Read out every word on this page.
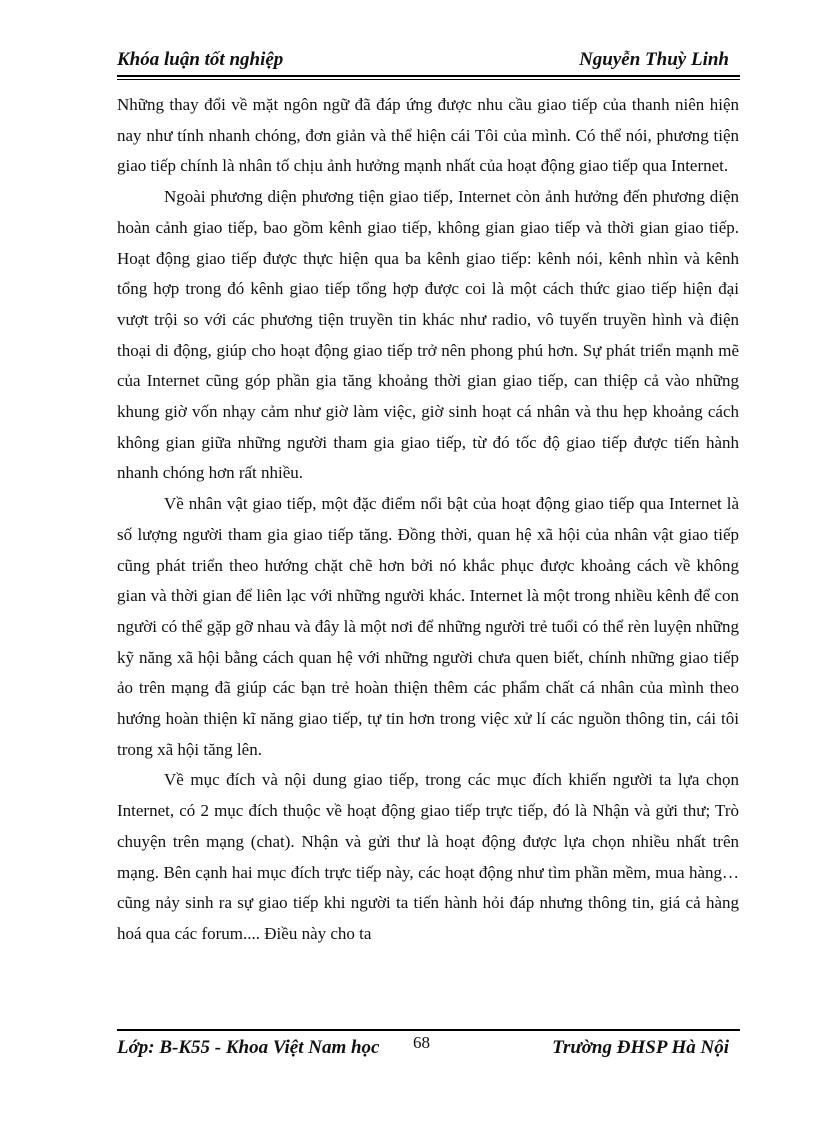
Khóa luận tốt nghiệp	Nguyễn Thuỳ Linh

Những thay đổi về mặt ngôn ngữ đã đáp ứng được nhu cầu giao tiếp của thanh niên hiện nay như tính nhanh chóng, đơn giản và thể hiện cái Tôi của mình. Có thể nói, phương tiện giao tiếp chính là nhân tố chịu ảnh hưởng mạnh nhất của hoạt động giao tiếp qua Internet.

Ngoài phương diện phương tiện giao tiếp, Internet còn ảnh hưởng đến phương diện hoàn cảnh giao tiếp, bao gồm kênh giao tiếp, không gian giao tiếp và thời gian giao tiếp. Hoạt động giao tiếp được thực hiện qua ba kênh giao tiếp: kênh nói, kênh nhìn và kênh tổng hợp trong đó kênh giao tiếp tổng hợp được coi là một cách thức giao tiếp hiện đại vượt trội so với các phương tiện truyền tin khác như radio, vô tuyến truyền hình và điện thoại di động, giúp cho hoạt động giao tiếp trở nên phong phú hơn. Sự phát triển mạnh mẽ của Internet cũng góp phần gia tăng khoảng thời gian giao tiếp, can thiệp cả vào những khung giờ vốn nhạy cảm như giờ làm việc, giờ sinh hoạt cá nhân và thu hẹp khoảng cách không gian giữa những người tham gia giao tiếp, từ đó tốc độ giao tiếp được tiến hành nhanh chóng hơn rất nhiều.

Về nhân vật giao tiếp, một đặc điểm nổi bật của hoạt động giao tiếp qua Internet là số lượng người tham gia giao tiếp tăng. Đồng thời, quan hệ xã hội của nhân vật giao tiếp cũng phát triển theo hướng chặt chẽ hơn bởi nó khắc phục được khoảng cách về không gian và thời gian để liên lạc với những người khác. Internet là một trong nhiều kênh để con người có thể gặp gỡ nhau và đây là một nơi để những người trẻ tuổi có thể rèn luyện những kỹ năng xã hội bằng cách quan hệ với những người chưa quen biết, chính những giao tiếp ảo trên mạng đã giúp các bạn trẻ hoàn thiện thêm các phẩm chất cá nhân của mình theo hướng hoàn thiện kĩ năng giao tiếp, tự tin hơn trong việc xử lí các nguồn thông tin, cái tôi trong xã hội tăng lên.

Về mục đích và nội dung giao tiếp, trong các mục đích khiến người ta lựa chọn Internet, có 2 mục đích thuộc về hoạt động giao tiếp trực tiếp, đó là Nhận và gửi thư; Trò chuyện trên mạng (chat). Nhận và gửi thư là hoạt động được lựa chọn nhiều nhất trên mạng. Bên cạnh hai mục đích trực tiếp này, các hoạt động như tìm phần mềm, mua hàng… cũng nảy sinh ra sự giao tiếp khi người ta tiến hành hỏi đáp nhưng thông tin, giá cả hàng hoá qua các forum.... Điều này cho ta

Lớp: B-K55 - Khoa Việt Nam học 68	Trường ĐHSP Hà Nội
